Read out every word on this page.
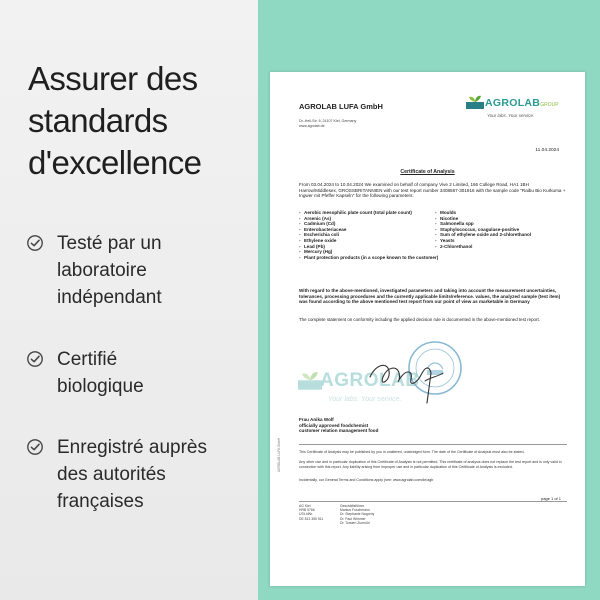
Assurer des
standards
d'excellence
Testé par un
laboratoire
indépendant
Certifié
biologique
Enregistré auprès
des autorités
françaises
AGROLAB LUFA GmbH
AGROLAB LUFA GmbH
Dr.-Hell-Str. 6, 24107 Kiel, Germany
www.agrolab.de
AGROLABGROUP
Your labs. Your service.
11.04.2024
Certificate of Analysis
From 03.04.2024 to 10.04.2024 We examined on behalf of company Vive 2 Limited, 166 College Road, HA1 1BH Harrow/Middlesex, GROSSBRITANNIEN with our test report number 3408567-301916 with the sample code "Raibu Bio Kurkuma + Ingwer mit Pfeffer Kapseln" for the following parameters:
- Aerobic mesophilic plate count (total plate count)
- Arsenic (As)
- Cadmium (Cd)
- Enterobacteriaceae
- Escherichia coli
- Ethylene oxide
- Lead (Pb)
- Mercury (Hg)
- Plant protection products (in a scope known to the customer)
- Moulds
- Nicotine
- Salmonella spp
- Staphylococcus, coagulase-positive
- Sum of ethylene oxide and 2-chlorethanol
- Yeasts
- 2-Chlorethanol
With regard to the above-mentioned, investigated parameters and taking into account the measurement uncertainties, tolerances, processing procedures and the currently applicable limits/reference. values, the analyzed sample (test item) was found according to the above mentioned test report from our point of view as marketable in Germany
The complete statement on conformity including the applied decision rule is documented in the above-mentioned test report.
AGROLAB
Your labs. Your service.
Frau Anika Wolf
officially approved foodchemist
customer relation management food
This Certificate of Analysis may be published by you in unaltered, unabridged form. The date of the Certificate of Analysis must also be stated.
Any other use and in particular duplication of this Certificate of Analysis is not permitted. This certificate of analysis does not replace the test report and is only valid in connection with this report. Any liability arising from improper use and in particular duplication of this Certificate of Analysis is excluded.
Incidentally, our General Terms and Conditions apply (see: www.agrolab.com/de/agb
page 1 of 1
AG Kiel
HRB 5766
USt-IdNr.
DE 813 355 511
Geschäftsführer
Markus Fuschmann
Dr. Stephanie Nagorny
Dr. Paul Wimmer
Dr. Torsten Zurmühl
